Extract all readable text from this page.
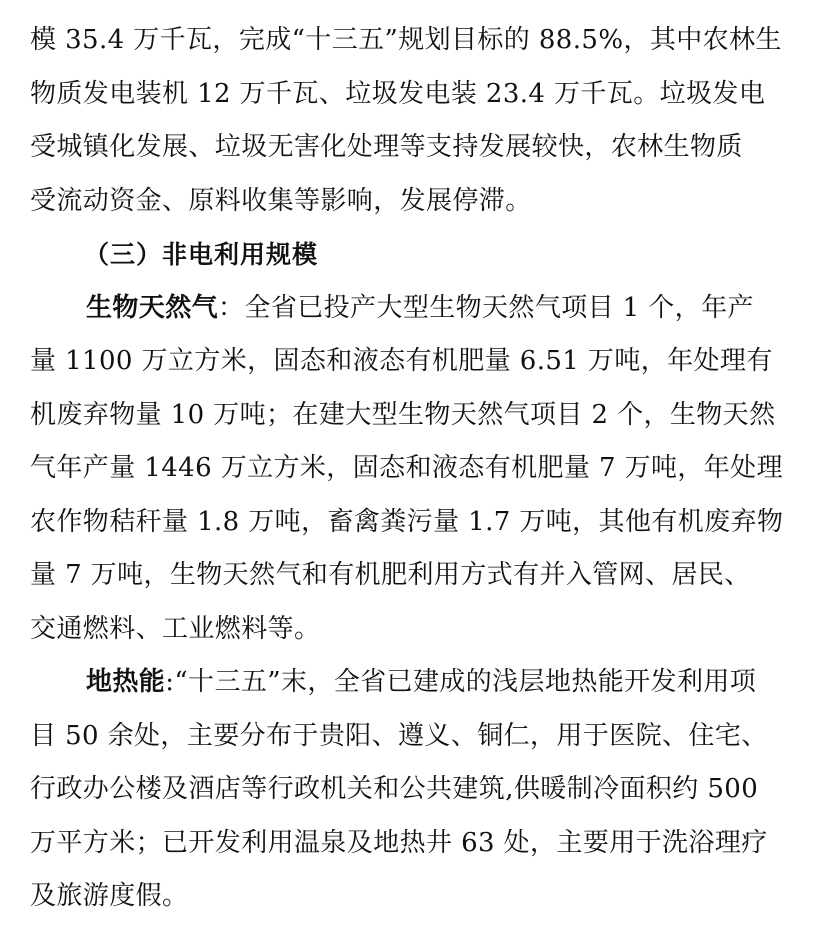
模 35.4 万千瓦，完成“十三五”规划目标的 88.5%，其中农林生
物质发电装机 12 万千瓦、垃圾发电装 23.4 万千瓦。垃圾发电
受城镇化发展、垃圾无害化处理等支持发展较快，农林生物质
受流动资金、原料收集等影响，发展停滞。
（三）非电利用规模
生物天然气：全省已投产大型生物天然气项目 1 个，年产
量 1100 万立方米，固态和液态有机肥量 6.51 万吨，年处理有
机废弃物量 10 万吨；在建大型生物天然气项目 2 个，生物天然
气年产量 1446 万立方米，固态和液态有机肥量 7 万吨，年处理
农作物秸秆量 1.8 万吨，畜禽粪污量 1.7 万吨，其他有机废弃物
量 7 万吨，生物天然气和有机肥利用方式有并入管网、居民、
交通燃料、工业燃料等。
地热能:“十三五”末，全省已建成的浅层地热能开发利用项
目 50 余处，主要分布于贵阳、遵义、铜仁，用于医院、住宅、
行政办公楼及酒店等行政机关和公共建筑,供暖制冷面积约 500
万平方米；已开发利用温泉及地热井 63 处，主要用于洗浴理疗
及旅游度假。
